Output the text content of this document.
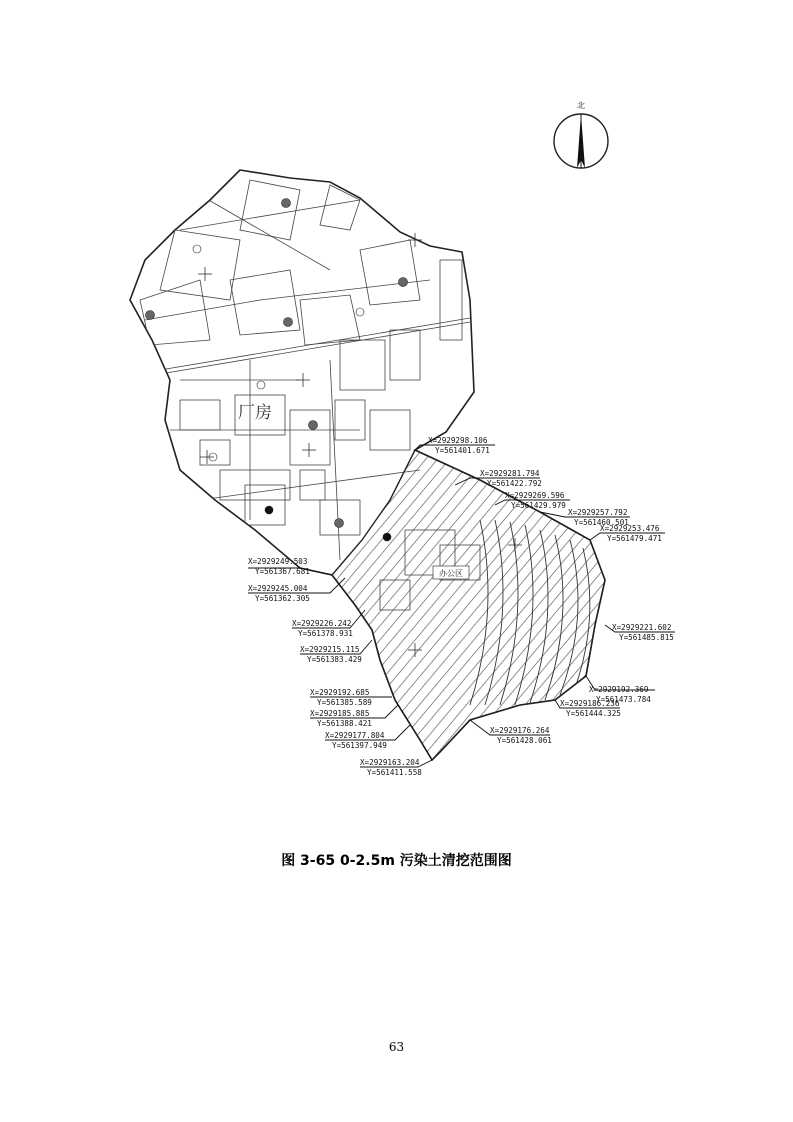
北
厂房
办公区
X=2929298.106
Y=561401.671
X=2929281.794
Y=561422.792
X=2929269.596
Y=561429.979
X=2929257.792
Y=561460.501
X=2929253.476
Y=561479.471
X=2929249.503
Y=561367.681
X=2929245.004
Y=561362.305
X=2929226.242
Y=561378.931
X=2929221.602
Y=561485.815
X=2929215.115
Y=561383.429
X=2929192.685
Y=561385.589
X=2929192.369
Y=561473.784
X=2929186.236
Y=561444.325
X=2929185.885
Y=561388.421
X=2929177.804
Y=561397.949
X=2929176.264
Y=561428.061
X=2929163.204
Y=561411.558
图 3-65 0-2.5m 污染土清挖范围图
63
